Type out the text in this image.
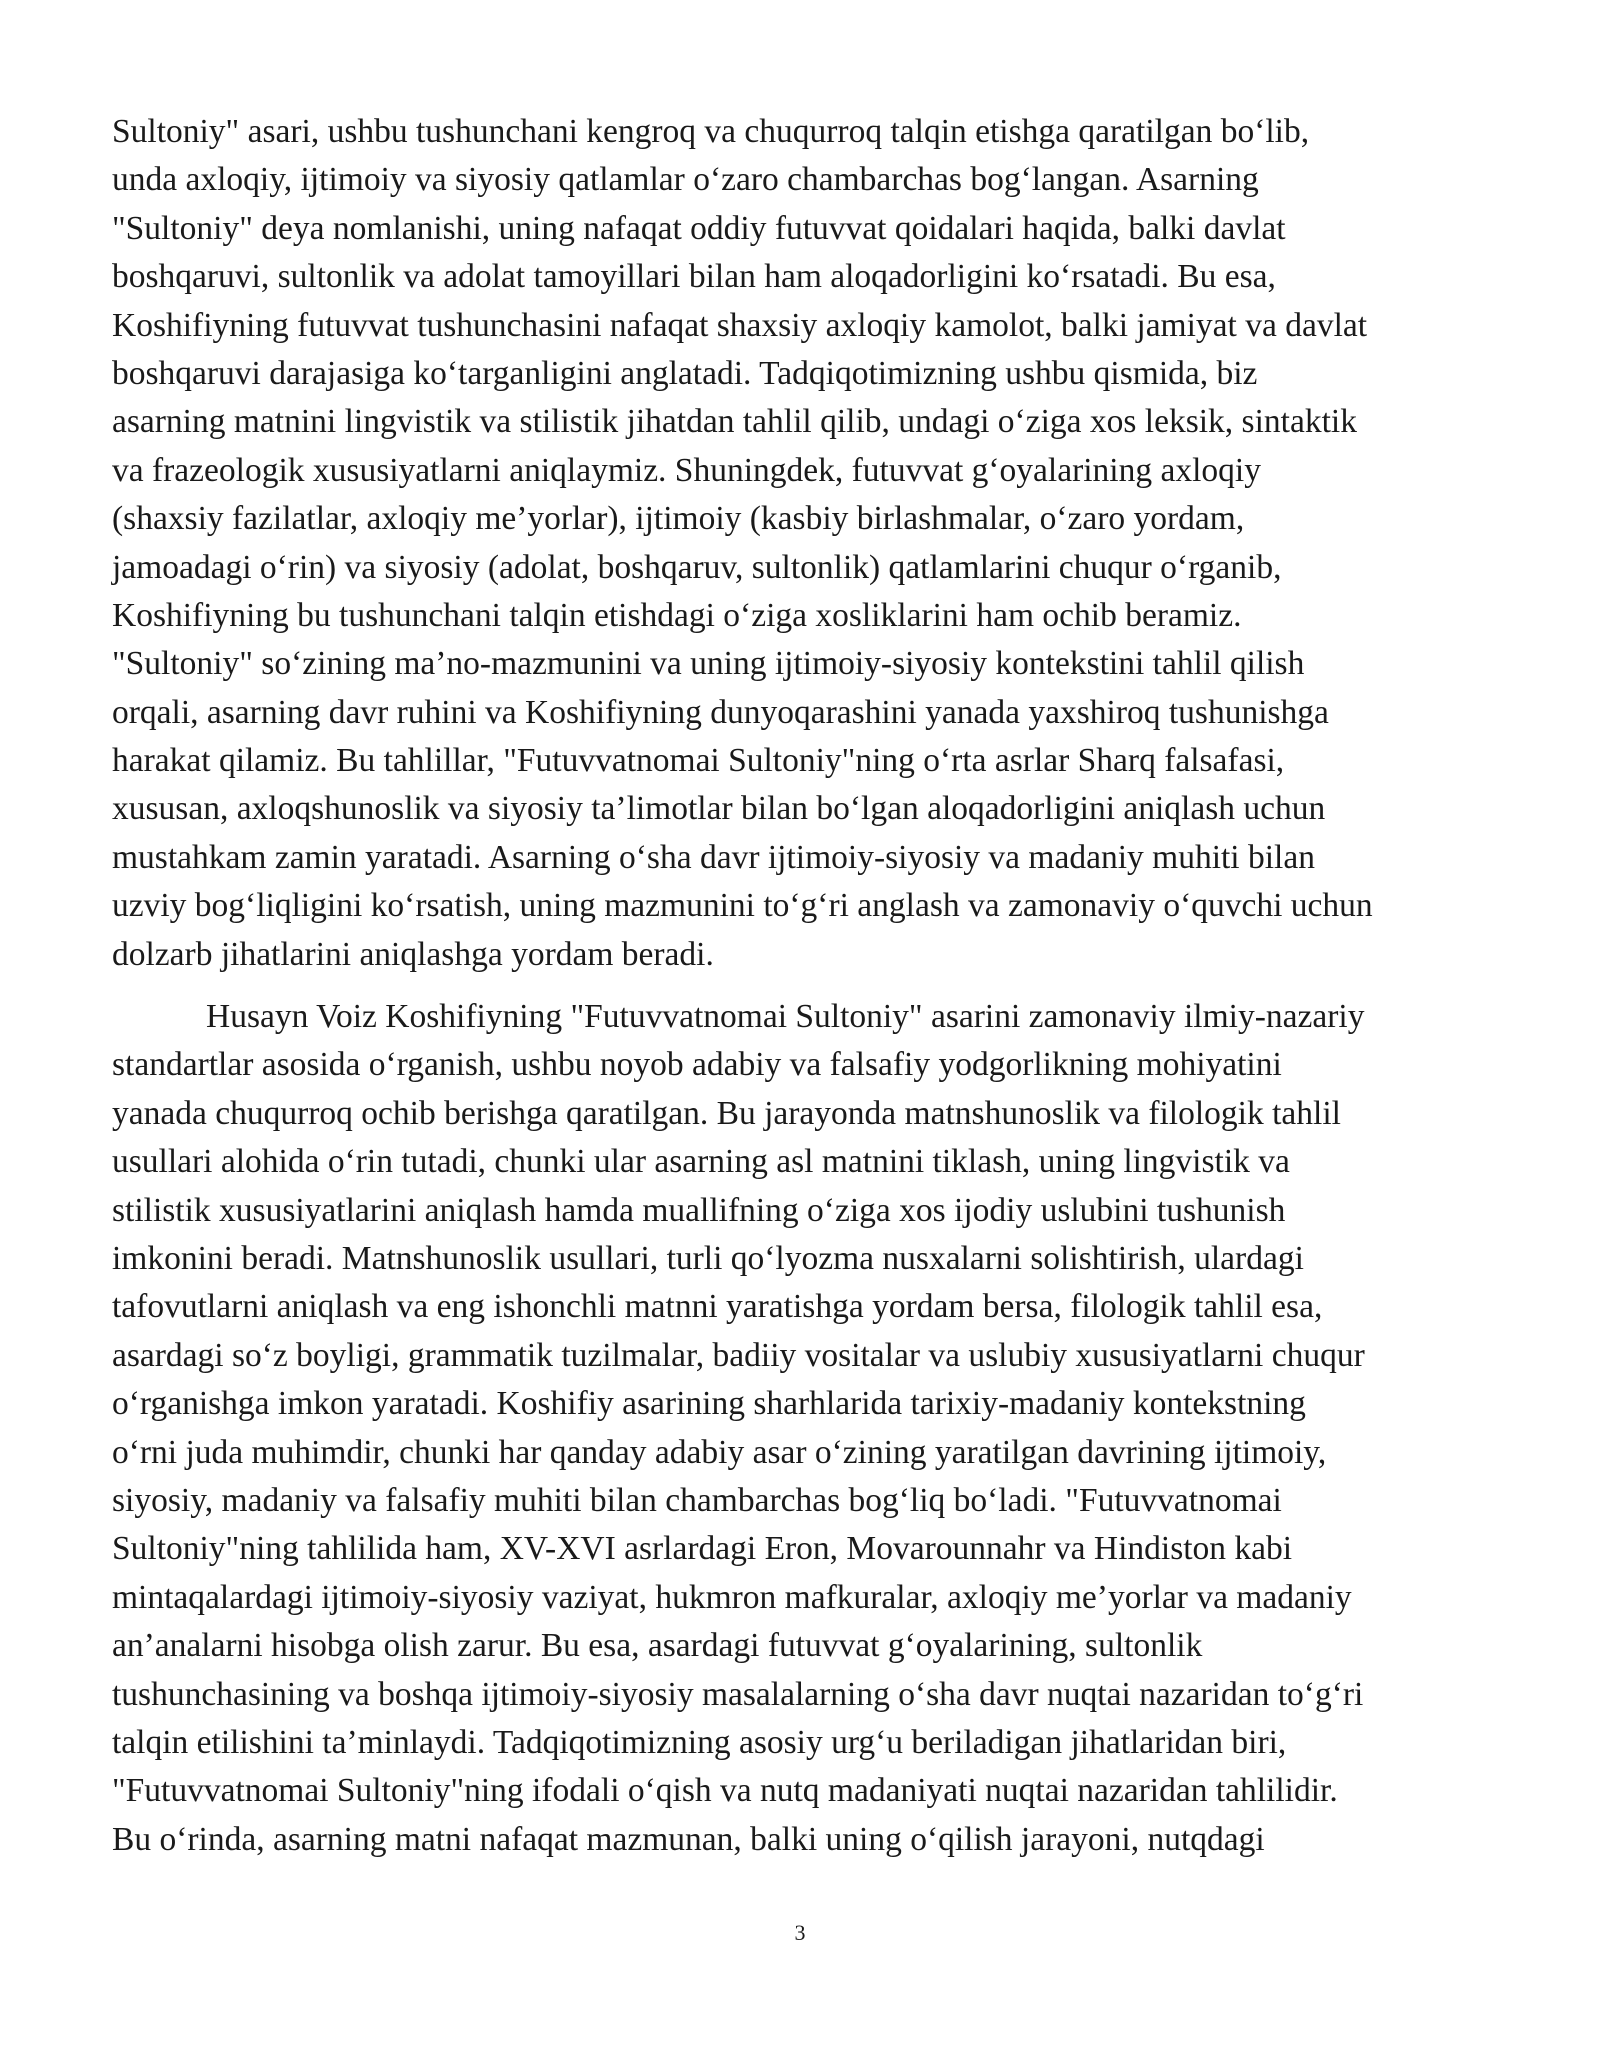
Sultoniy" asari, ushbu tushunchani kengroq va chuqurroq talqin etishga qaratilgan bo‘lib,
unda axloqiy, ijtimoiy va siyosiy qatlamlar o‘zaro chambarchas bog‘langan. Asarning
"Sultoniy" deya nomlanishi, uning nafaqat oddiy futuvvat qoidalari haqida, balki davlat
boshqaruvi, sultonlik va adolat tamoyillari bilan ham aloqadorligini ko‘rsatadi. Bu esa,
Koshifiyning futuvvat tushunchasini nafaqat shaxsiy axloqiy kamolot, balki jamiyat va davlat
boshqaruvi darajasiga ko‘targanligini anglatadi. Tadqiqotimizning ushbu qismida, biz
asarning matnini lingvistik va stilistik jihatdan tahlil qilib, undagi o‘ziga xos leksik, sintaktik
va frazeologik xususiyatlarni aniqlaymiz. Shuningdek, futuvvat g‘oyalarining axloqiy
(shaxsiy fazilatlar, axloqiy me’yorlar), ijtimoiy (kasbiy birlashmalar, o‘zaro yordam,
jamoadagi o‘rin) va siyosiy (adolat, boshqaruv, sultonlik) qatlamlarini chuqur o‘rganib,
Koshifiyning bu tushunchani talqin etishdagi o‘ziga xosliklarini ham ochib beramiz.
"Sultoniy" so‘zining ma’no-mazmunini va uning ijtimoiy-siyosiy kontekstini tahlil qilish
orqali, asarning davr ruhini va Koshifiyning dunyoqarashini yanada yaxshiroq tushunishga
harakat qilamiz. Bu tahlillar, "Futuvvatnomai Sultoniy"ning o‘rta asrlar Sharq falsafasi,
xususan, axloqshunoslik va siyosiy ta’limotlar bilan bo‘lgan aloqadorligini aniqlash uchun
mustahkam zamin yaratadi. Asarning o‘sha davr ijtimoiy-siyosiy va madaniy muhiti bilan
uzviy bog‘liqligini ko‘rsatish, uning mazmunini to‘g‘ri anglash va zamonaviy o‘quvchi uchun
dolzarb jihatlarini aniqlashga yordam beradi.
Husayn Voiz Koshifiyning "Futuvvatnomai Sultoniy" asarini zamonaviy ilmiy-nazariy
standartlar asosida o‘rganish, ushbu noyob adabiy va falsafiy yodgorlikning mohiyatini
yanada chuqurroq ochib berishga qaratilgan. Bu jarayonda matnshunoslik va filologik tahlil
usullari alohida o‘rin tutadi, chunki ular asarning asl matnini tiklash, uning lingvistik va
stilistik xususiyatlarini aniqlash hamda muallifning o‘ziga xos ijodiy uslubini tushunish
imkonini beradi. Matnshunoslik usullari, turli qo‘lyozma nusxalarni solishtirish, ulardagi
tafovutlarni aniqlash va eng ishonchli matnni yaratishga yordam bersa, filologik tahlil esa,
asardagi so‘z boyligi, grammatik tuzilmalar, badiiy vositalar va uslubiy xususiyatlarni chuqur
o‘rganishga imkon yaratadi. Koshifiy asarining sharhlarida tarixiy-madaniy kontekstning
o‘rni juda muhimdir, chunki har qanday adabiy asar o‘zining yaratilgan davrining ijtimoiy,
siyosiy, madaniy va falsafiy muhiti bilan chambarchas bog‘liq bo‘ladi. "Futuvvatnomai
Sultoniy"ning tahlilida ham, XV-XVI asrlardagi Eron, Movarounnahr va Hindiston kabi
mintaqalardagi ijtimoiy-siyosiy vaziyat, hukmron mafkuralar, axloqiy me’yorlar va madaniy
an’analarni hisobga olish zarur. Bu esa, asardagi futuvvat g‘oyalarining, sultonlik
tushunchasining va boshqa ijtimoiy-siyosiy masalalarning o‘sha davr nuqtai nazaridan to‘g‘ri
talqin etilishini ta’minlaydi. Tadqiqotimizning asosiy urg‘u beriladigan jihatlaridan biri,
"Futuvvatnomai Sultoniy"ning ifodali o‘qish va nutq madaniyati nuqtai nazaridan tahlilidir.
Bu o‘rinda, asarning matni nafaqat mazmunan, balki uning o‘qilish jarayoni, nutqdagi
3
